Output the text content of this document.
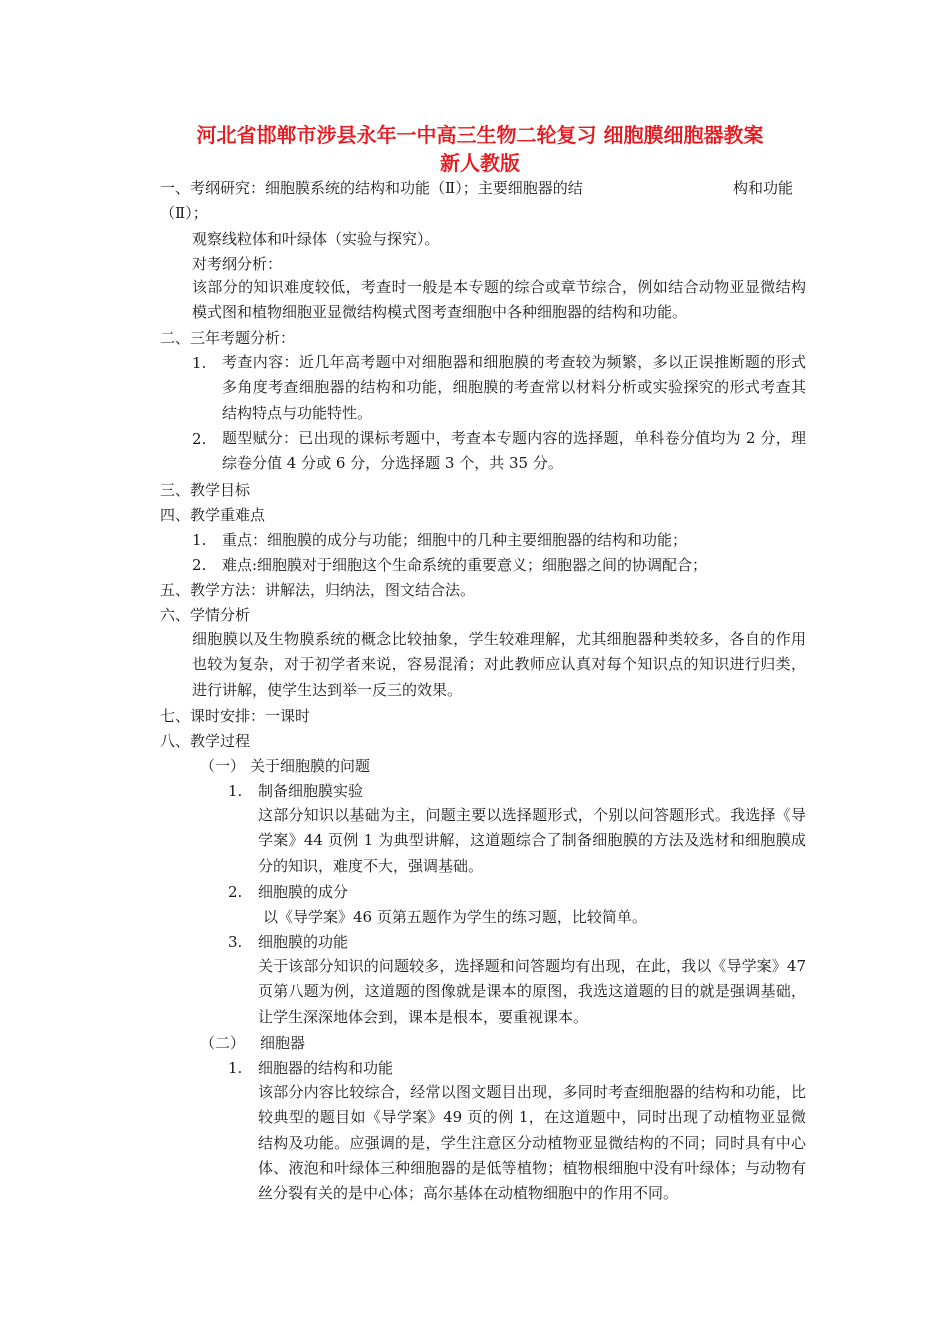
河北省邯郸市涉县永年一中高三生物二轮复习 细胞膜细胞器教案
新人教版
一、考纲研究：细胞膜系统的结构和功能（Ⅱ）；主要细胞器的结	构和功能
（Ⅱ）；
观察线粒体和叶绿体（实验与探究）。
对考纲分析：
该部分的知识难度较低，考查时一般是本专题的综合或章节综合，例如结合动物亚显微结构模式图和植物细胞亚显微结构模式图考查细胞中各种细胞器的结构和功能。
二、三年考题分析：
1. 考查内容：近几年高考题中对细胞器和细胞膜的考查较为频繁，多以正误推断题的形式多角度考查细胞器的结构和功能，细胞膜的考查常以材料分析或实验探究的形式考查其结构特点与功能特性。
2. 题型赋分：已出现的课标考题中，考查本专题内容的选择题，单科卷分值均为 2 分，理综卷分值 4 分或 6 分，分选择题 3 个，共 35 分。
三、教学目标
四、教学重难点
1. 重点：细胞膜的成分与功能；细胞中的几种主要细胞器的结构和功能；
2. 难点:细胞膜对于细胞这个生命系统的重要意义；细胞器之间的协调配合；
五、教学方法：讲解法，归纳法，图文结合法。
六、学情分析
细胞膜以及生物膜系统的概念比较抽象，学生较难理解，尤其细胞器种类较多，各自的作用也较为复杂，对于初学者来说，容易混淆；对此教师应认真对每个知识点的知识进行归类，进行讲解，使学生达到举一反三的效果。
七、课时安排：一课时
八、教学过程
（一） 关于细胞膜的问题
1. 制备细胞膜实验
这部分知识以基础为主，问题主要以选择题形式，个别以问答题形式。我选择《导学案》44 页例 1 为典型讲解，这道题综合了制备细胞膜的方法及选材和细胞膜成分的知识，难度不大，强调基础。
2. 细胞膜的成分
以《导学案》46 页第五题作为学生的练习题，比较简单。
3. 细胞膜的功能
关于该部分知识的问题较多，选择题和问答题均有出现，在此，我以《导学案》47 页第八题为例，这道题的图像就是课本的原图，我选这道题的目的就是强调基础，让学生深深地体会到，课本是根本，要重视课本。
（二） 细胞器
1. 细胞器的结构和功能
该部分内容比较综合，经常以图文题目出现，多同时考查细胞器的结构和功能，比较典型的题目如《导学案》49 页的例 1，在这道题中，同时出现了动植物亚显微结构及功能。应强调的是，学生注意区分动植物亚显微结构的不同；同时具有中心体、液泡和叶绿体三种细胞器的是低等植物；植物根细胞中没有叶绿体；与动物有丝分裂有关的是中心体；高尔基体在动植物细胞中的作用不同。
